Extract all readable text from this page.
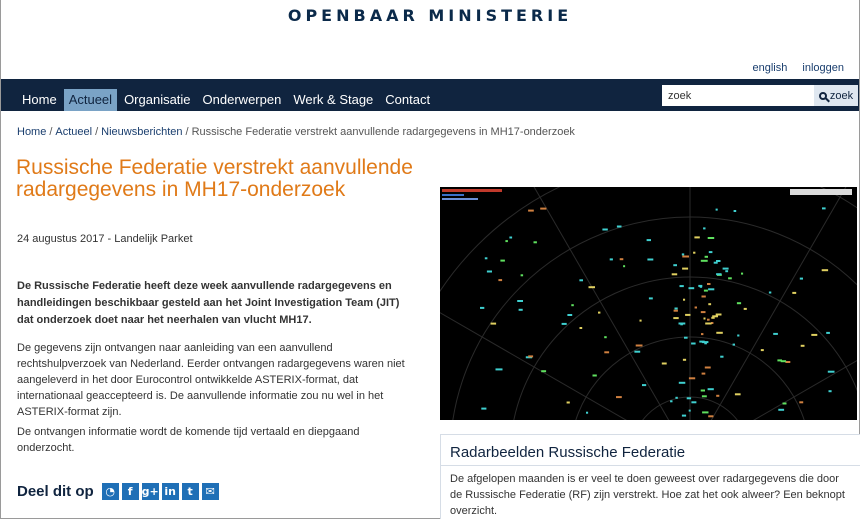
OPENBAAR MINISTERIE
english inloggen
Home Actueel Organisatie Onderwerpen Werk & Stage Contact
zoek	zoek
Home / Actueel / Nieuwsberichten / Russische Federatie verstrekt aanvullende radargegevens in MH17-onderzoek
Russische Federatie verstrekt aanvullende radargegevens in MH17-onderzoek
24 augustus 2017 - Landelijk Parket

De Russische Federatie heeft deze week aanvullende radargegevens en handleidingen beschikbaar gesteld aan het Joint Investigation Team (JIT) dat onderzoek doet naar het neerhalen van vlucht MH17.

De gegevens zijn ontvangen naar aanleiding van een aanvullend rechtshulpverzoek van Nederland. Eerder ontvangen radargegevens waren niet aangeleverd in het door Eurocontrol ontwikkelde ASTERIX-format, dat internationaal geaccepteerd is. De aanvullende informatie zou nu wel in het ASTERIX-format zijn.

De ontvangen informatie wordt de komende tijd vertaald en diepgaand onderzocht.

Deel dit op	◔	f g+ in	t	✉
Radarbeelden Russische Federatie
De afgelopen maanden is er veel te doen geweest over radargegevens die door de Russische Federatie (RF) zijn verstrekt. Hoe zat het ook alweer? Een beknopt overzicht.
